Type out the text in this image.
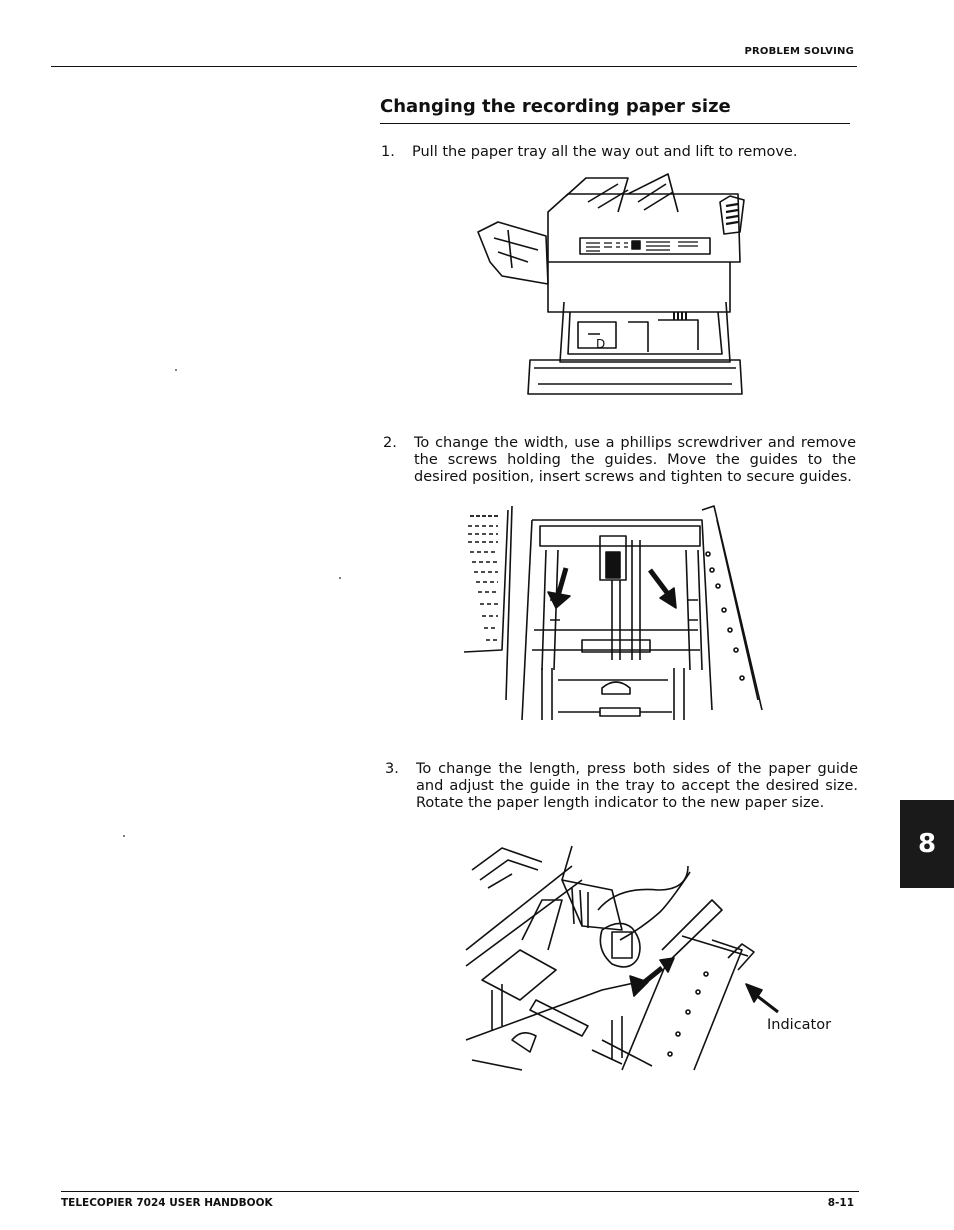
PROBLEM SOLVING
Changing the recording paper size
1. Pull the paper tray all the way out and lift to remove.
D
2. To change the width, use a phillips screwdriver and remove the screws holding the guides. Move the guides to the desired position, insert screws and tighten to secure guides.
3. To change the length, press both sides of the paper guide and adjust the guide in the tray to accept the desired size. Rotate the paper length indicator to the new paper size.
Indicator
8
TELECOPIER 7024 USER HANDBOOK	8-11
